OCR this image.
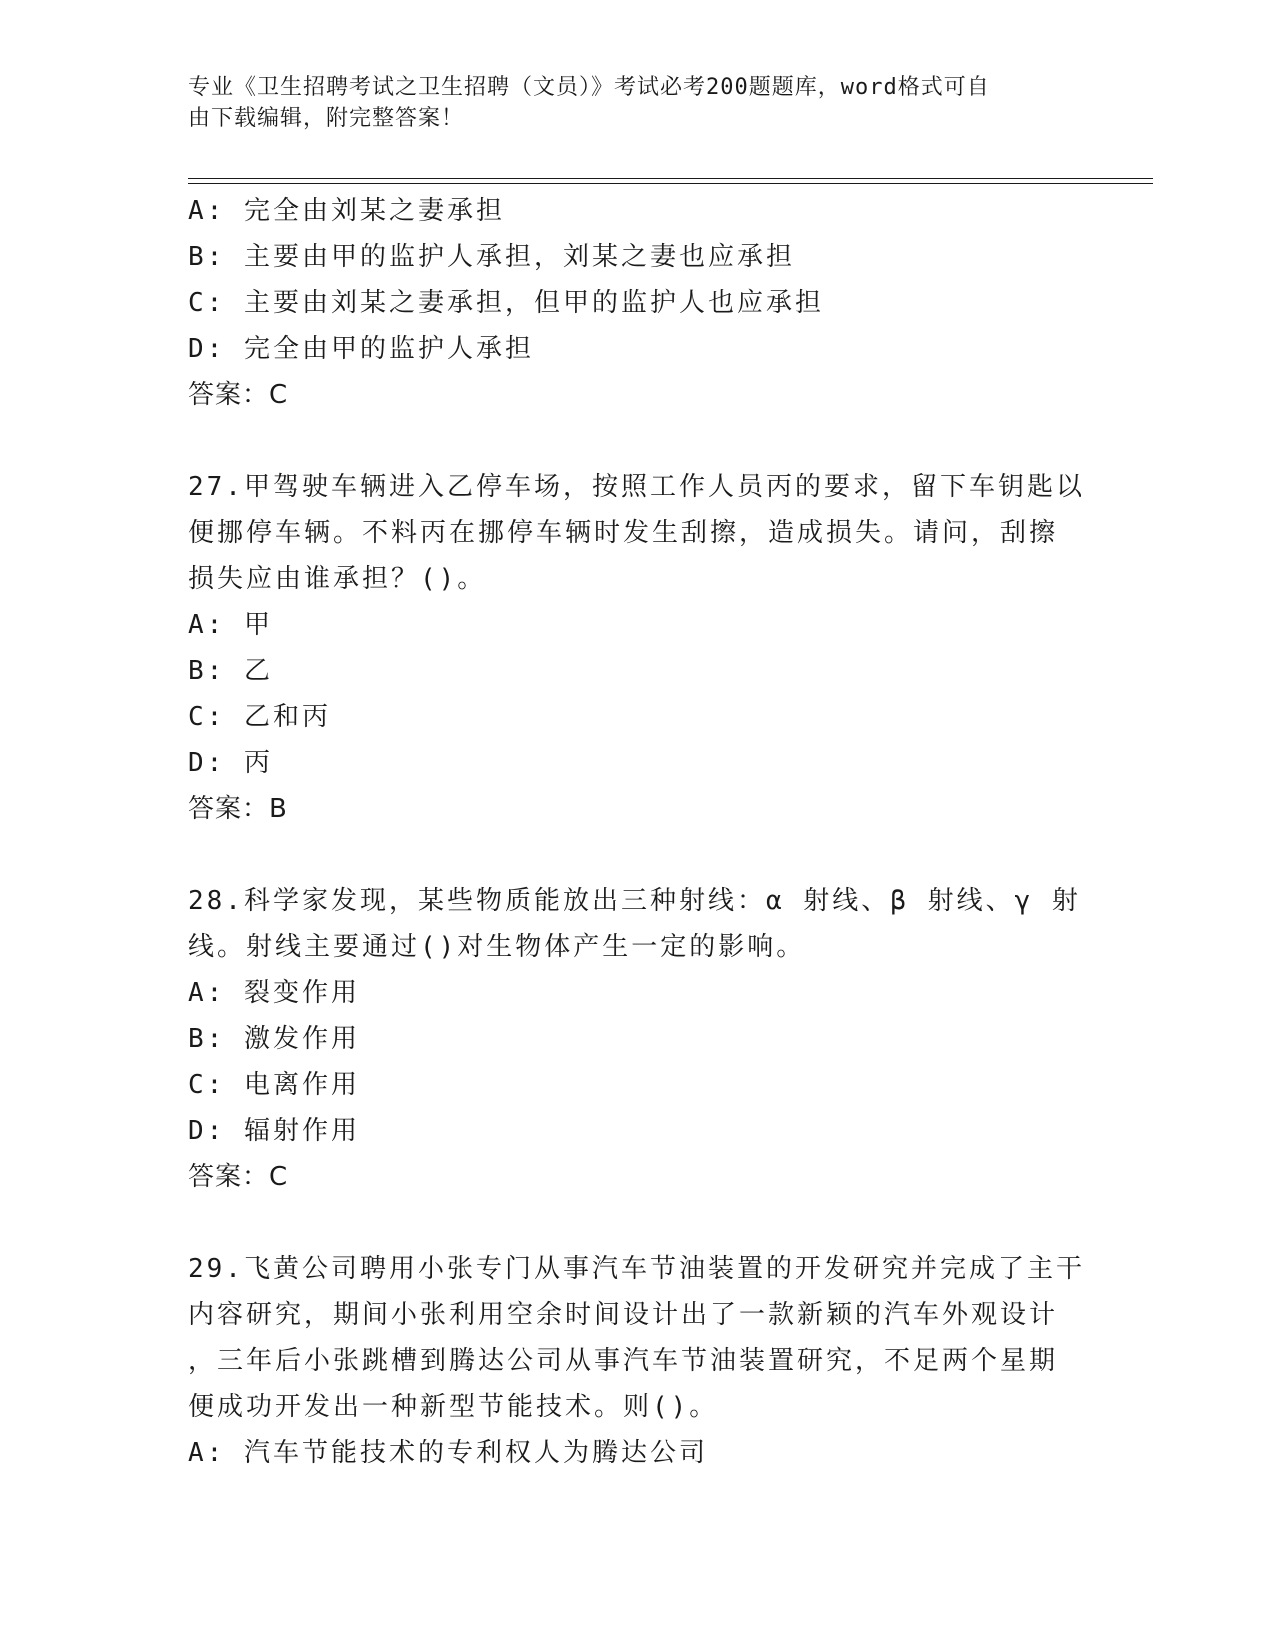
专业《卫生招聘考试之卫生招聘（文员）》考试必考200题题库，word格式可自
由下载编辑，附完整答案！

A: 完全由刘某之妻承担

B: 主要由甲的监护人承担，刘某之妻也应承担

C: 主要由刘某之妻承担，但甲的监护人也应承担

D: 完全由甲的监护人承担

答案：C

27.甲驾驶车辆进入乙停车场，按照工作人员丙的要求，留下车钥匙以

便挪停车辆。不料丙在挪停车辆时发生刮擦，造成损失。请问，刮擦

损失应由谁承担？()。

A: 甲

B: 乙

C: 乙和丙

D: 丙

答案：B

28.科学家发现，某些物质能放出三种射线：α 射线、β 射线、γ 射

线。射线主要通过()对生物体产生一定的影响。

A: 裂变作用

B: 激发作用

C: 电离作用

D: 辐射作用

答案：C

29.飞黄公司聘用小张专门从事汽车节油装置的开发研究并完成了主干

内容研究，期间小张利用空余时间设计出了一款新颖的汽车外观设计

，三年后小张跳槽到腾达公司从事汽车节油装置研究，不足两个星期

便成功开发出一种新型节能技术。则()。

A: 汽车节能技术的专利权人为腾达公司
